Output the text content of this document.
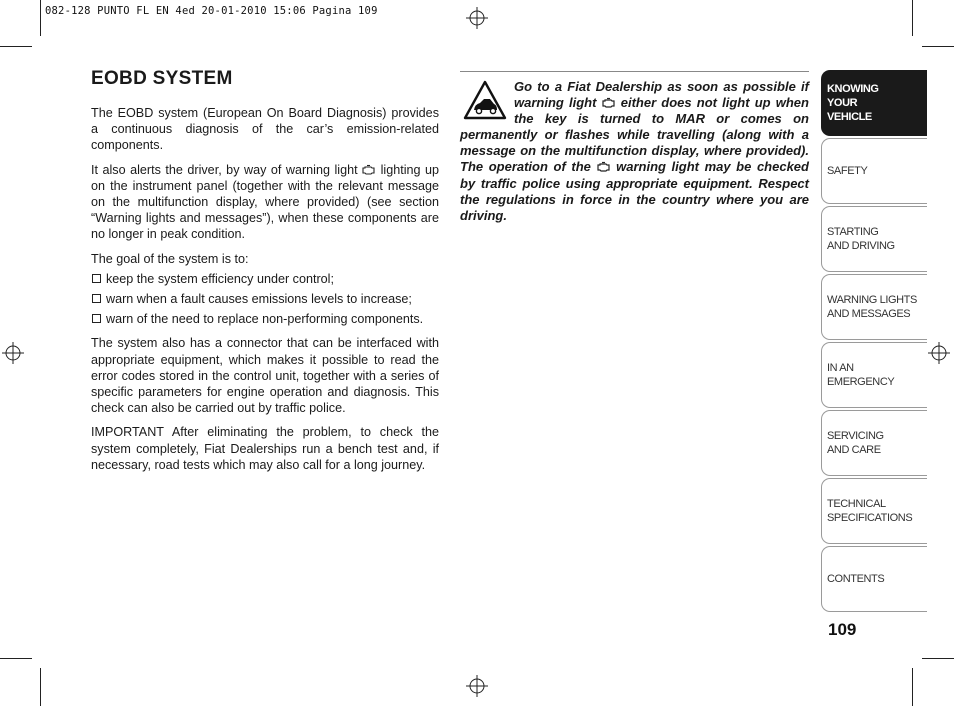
082-128 PUNTO FL EN 4ed 20-01-2010 15:06 Pagina 109
EOBD SYSTEM

The EOBD system (European On Board Diagnosis) provides a continuous diagnosis of the car’s emission-related components.

It also alerts the driver, by way of warning light lighting up on the instrument panel (together with the relevant message on the multifunction display, where provided) (see section “Warning lights and messages”), when these components are no longer in peak condition.

The goal of the system is to:

keep the system efficiency under control;
warn when a fault causes emissions levels to increase;
warn of the need to replace non-performing components.

The system also has a connector that can be interfaced with appropriate equipment, which makes it possible to read the error codes stored in the control unit, together with a series of specific parameters for engine operation and diagnosis. This check can also be carried out by traffic police.

IMPORTANT After eliminating the problem, to check the system completely, Fiat Dealerships run a bench test and, if necessary, road tests which may also call for a long journey.

Go to a Fiat Dealership as soon as possible if warning light either does not light up when the key is turned to MAR or comes on permanently or flashes while travelling (along with a message on the multifunction display, where provided). The operation of the warning light may be checked by traffic police using appropriate equipment. Respect the regulations in force in the country where you are driving.

KNOWING
YOUR
VEHICLE
SAFETY
STARTING
AND DRIVING
WARNING LIGHTS
AND MESSAGES
IN AN
EMERGENCY
SERVICING
AND CARE
TECHNICAL
SPECIFICATIONS
CONTENTS
109
